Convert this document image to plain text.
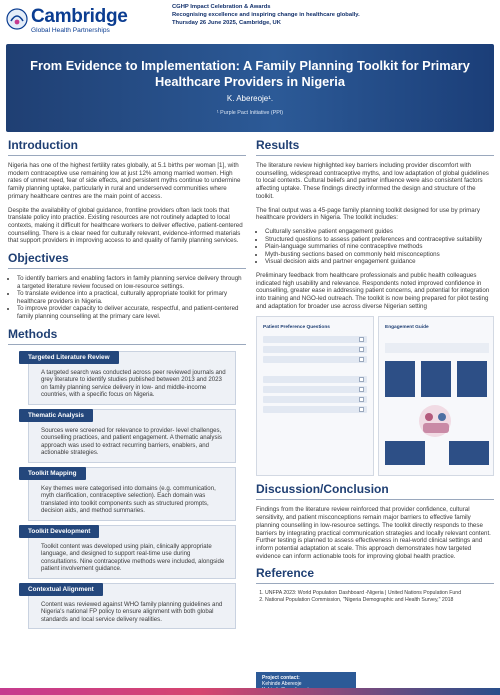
Cambridge
Global Health Partnerships
CGHP Impact Celebration & Awards
Recognising excellence and inspiring change in healthcare globally.
Thursday 26 June 2025, Cambridge, UK
From Evidence to Implementation: A Family Planning Toolkit for Primary Healthcare Providers in Nigeria
K. Abereoje¹.
¹ Purple Pact Initiative (PPI)
Introduction

Nigeria has one of the highest fertility rates globally, at 5.1 births per woman [1], with modern contraceptive use remaining low at just 12% among married women. High rates of unmet need, fear of side effects, and persistent myths continue to undermine family planning uptake, particularly in rural and underserved communities where primary healthcare centres are the main point of access.

Despite the availability of global guidance, frontline providers often lack tools that translate policy into practice. Existing resources are not routinely adapted to local contexts, making it difficult for healthcare workers to deliver effective, patient-centered counselling. There is a clear need for culturally relevant, evidence-informed materials that support providers in improving access to and quality of family planning services.

Objectives
• To identify barriers and enabling factors in family planning service delivery through a targeted literature review focused on low-resource settings.
• To translate evidence into a practical, culturally appropriate toolkit for primary healthcare providers in Nigeria.
• To improve provider capacity to deliver accurate, respectful, and patient-centered family planning counselling at the primary care level.
Methods
Targeted Literature Review

A targeted search was conducted across peer reviewed journals and grey literature to identify studies published between 2013 and 2023 on family planning service delivery in low- and middle-income countries, with a specific focus on Nigeria.

Thematic Analysis

Sources were screened for relevance to provider- level challenges, counselling practices, and patient engagement. A thematic analysis approach was used to extract recurring barriers, enablers, and actionable strategies.

Toolkit Mapping

Key themes were categorised into domains (e.g. communication, myth clarification, contraceptive selection). Each domain was translated into toolkit components such as structured prompts, decision aids, and method summaries.

Toolkit Development

Toolkit content was developed using plain, clinically appropriate language, and designed to support real-time use during consultations. Nine contraceptive methods were included, alongside patient involvement guidance.

Contextual Alignment

Content was reviewed against WHO family planning guidelines and Nigeria's national FP policy to ensure alignment with both global standards and local service delivery realities.

Results

The literature review highlighted key barriers including provider discomfort with counselling, widespread contraceptive myths, and low adaptation of global guidelines to local contexts. Cultural beliefs and partner influence were also consistent factors affecting uptake. These findings directly informed the design and structure of the toolkit.

The final output was a 45-page family planning toolkit designed for use by primary healthcare providers in Nigeria. The toolkit includes:

• Culturally sensitive patient engagement guides
• Structured questions to assess patient preferences and contraceptive suitability
• Plain-language summaries of nine contraceptive methods
• Myth-busting sections based on commonly held misconceptions
• Visual decision aids and partner engagement guidance

Preliminary feedback from healthcare professionals and public health colleagues indicated high usability and relevance. Respondents noted improved confidence in counselling, greater ease in addressing patient concerns, and potential for integration into training and NGO-led outreach. The toolkit is now being prepared for pilot testing and adaptation for broader use across diverse Nigerian setting

Patient Preference Questions	Engagement Guide
Discussion/Conclusion

Findings from the literature review reinforced that provider confidence, cultural sensitivity, and patient misconceptions remain major barriers to effective family planning counselling in low-resource settings. The toolkit directly responds to these barriers by integrating practical communication strategies and locally relevant content. Further testing is planned to assess effectiveness in real-world clinical settings and inform potential adaptation at scale. This approach demonstrates how targeted evidence can inform actionable tools for improving global health practice.

Reference
1. UNFPA 2023: World Population Dashboard -Nigeria | United Nations Population Fund
2. National Population Commission, "Nigeria Demographic and Health Survey," 2018
Project contact:
Kehinde Abereoje
